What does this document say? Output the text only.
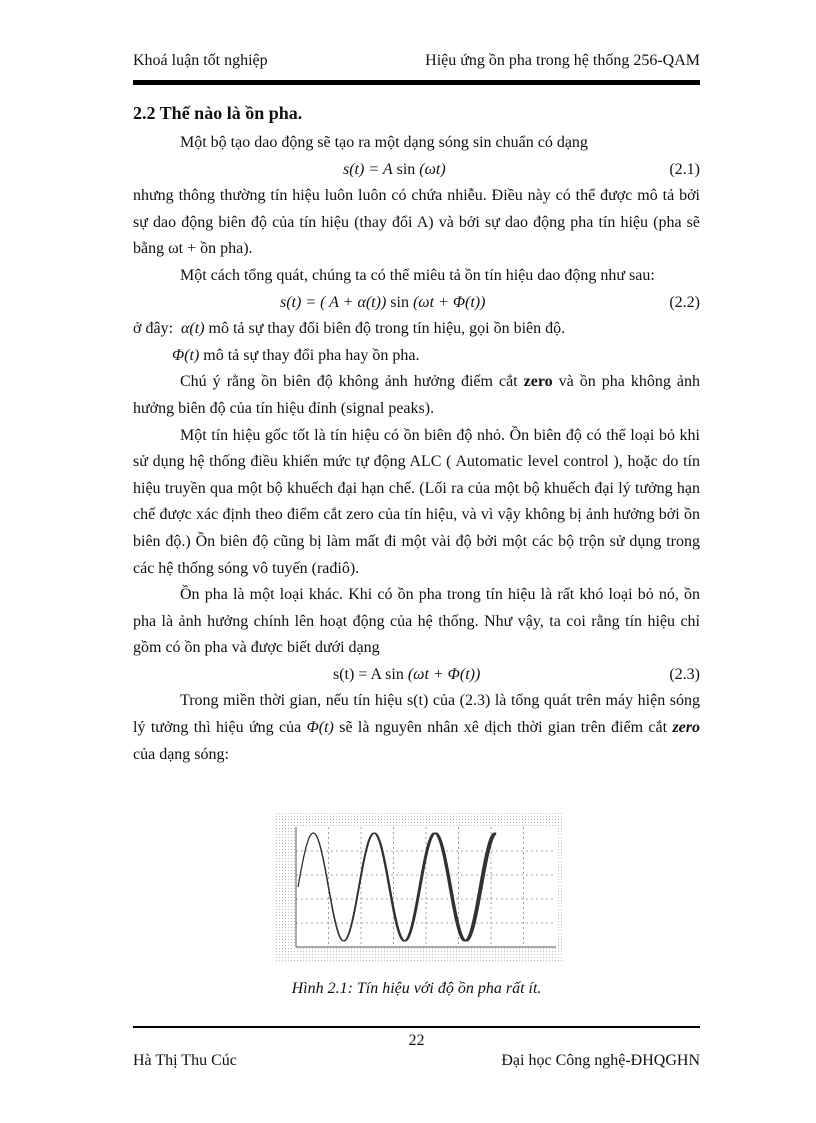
Khoá luận tốt nghiệp	Hiệu ứng ồn pha trong hệ thống 256-QAM
2.2 Thế nào là ồn pha.

Một bộ tạo dao động sẽ tạo ra một dạng sóng sin chuẩn có dạng

s(t) = A sin (ωt)	(2.1)

nhưng thông thường tín hiệu luôn luôn có chứa nhiễu. Điều này có thể được mô tả bởi sự dao động biên độ của tín hiệu (thay đổi A) và bởi sự dao động pha tín hiệu (pha sẽ bằng ωt + ồn pha).

Một cách tổng quát, chúng ta có thể miêu tả ồn tín hiệu dao động như sau:

s(t) = ( A + α(t)) sin (ωt + Φ(t))	(2.2)

ở đây:  α(t) mô tả sự thay đổi biên độ trong tín hiệu, gọi ồn biên độ.

Φ(t) mô tả sự thay đổi pha hay ồn pha.

Chú ý rằng ồn biên độ không ảnh hưởng điểm cắt zero và ồn pha không ảnh hưởng biên độ của tín hiệu đỉnh (signal peaks).

Một tín hiệu gốc tốt là tín hiệu có ồn biên độ nhỏ. Ồn biên độ có thể loại bỏ khi sử dụng hệ thống điều khiển mức tự động ALC ( Automatic level control ), hoặc do tín hiệu truyền qua một bộ khuếch đại hạn chế. (Lối ra của một bộ khuếch đại lý tưởng hạn chế được xác định theo điểm cắt zero của tín hiệu, và vì vậy không bị ảnh hưởng bởi ồn biên độ.) Ồn biên độ cũng bị làm mất đi một vài độ bởi một các bộ trộn sử dụng trong các hệ thống sóng vô tuyến (rađiô).

Ồn pha là một loại khác. Khi có ồn pha trong tín hiệu là rất khó loại bỏ nó, ồn pha là ảnh hưởng chính lên hoạt động của hệ thống. Như vậy, ta coi rằng tín hiệu chỉ gồm có ồn pha và được biết dưới dạng

s(t) = A sin (ωt + Φ(t))	(2.3)

Trong miền thời gian, nếu tín hiệu s(t) của (2.3) là tổng quát trên máy hiện sóng lý tưởng thì hiệu ứng của Φ(t) sẽ là nguyên nhân xê dịch thời gian trên điểm cắt zero của dạng sóng:

Hình 2.1: Tín hiệu với độ ồn pha rất ít.
22
Hà Thị Thu Cúc	Đại học Công nghệ-ĐHQGHN
